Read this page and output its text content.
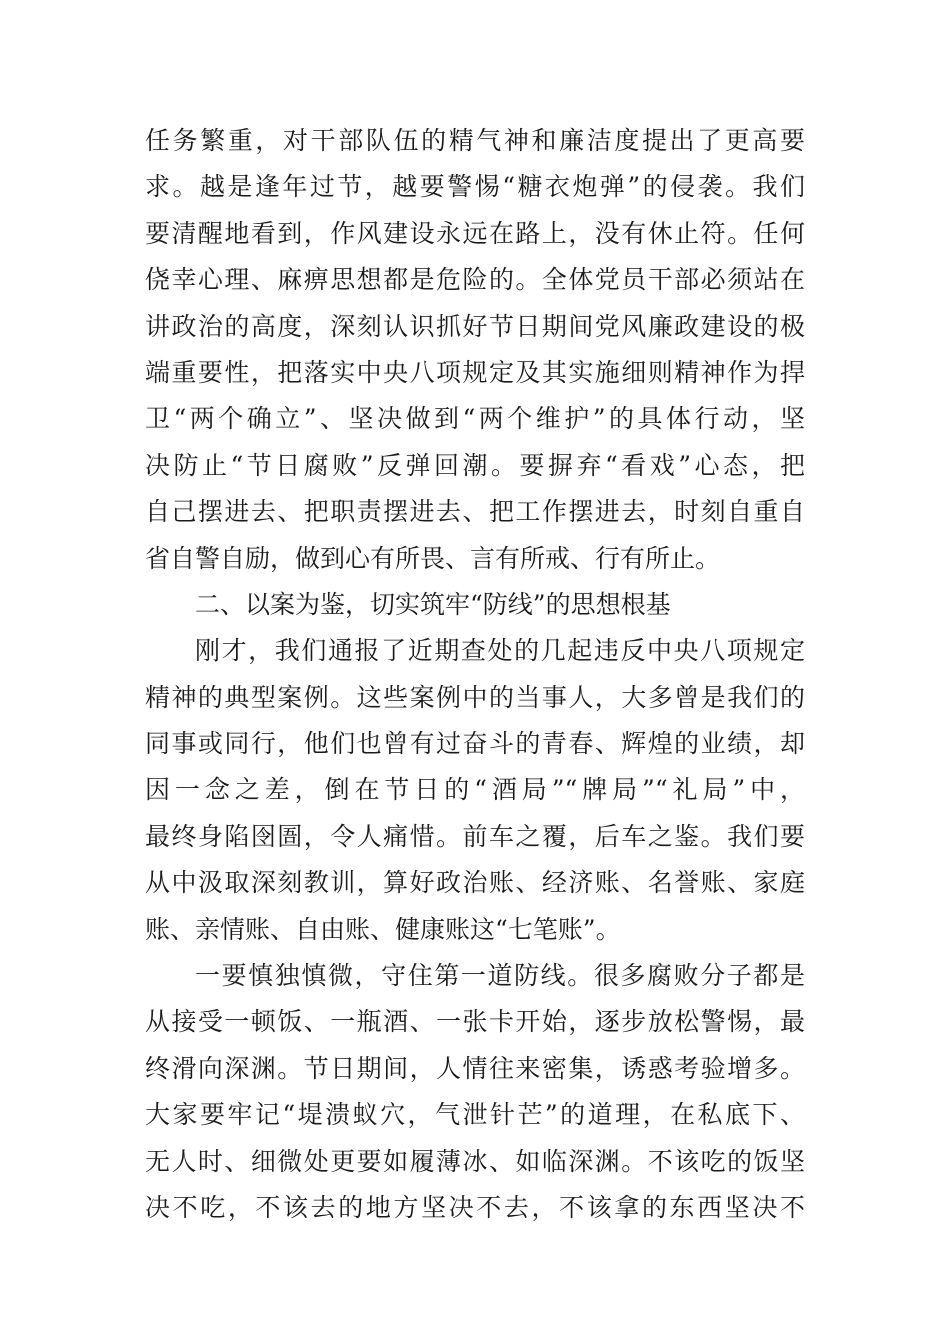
任务繁重，对干部队伍的精气神和廉洁度提出了更高要
求。越是逢年过节，越要警惕“糖衣炮弹”的侵袭。我们
要清醒地看到，作风建设永远在路上，没有休止符。任何
侥幸心理、麻痹思想都是危险的。全体党员干部必须站在
讲政治的高度，深刻认识抓好节日期间党风廉政建设的极
端重要性，把落实中央八项规定及其实施细则精神作为捍
卫“两个确立”、坚决做到“两个维护”的具体行动，坚
决防止“节日腐败”反弹回潮。要摒弃“看戏”心态，把
自己摆进去、把职责摆进去、把工作摆进去，时刻自重自
省自警自励，做到心有所畏、言有所戒、行有所止。
二、以案为鉴，切实筑牢“防线”的思想根基
刚才，我们通报了近期查处的几起违反中央八项规定
精神的典型案例。这些案例中的当事人，大多曾是我们的
同事或同行，他们也曾有过奋斗的青春、辉煌的业绩，却
因一念之差，倒在节日的“酒局”“牌局”“礼局”中，
最终身陷囹圄，令人痛惜。前车之覆，后车之鉴。我们要
从中汲取深刻教训，算好政治账、经济账、名誉账、家庭
账、亲情账、自由账、健康账这“七笔账”。
一要慎独慎微，守住第一道防线。很多腐败分子都是
从接受一顿饭、一瓶酒、一张卡开始，逐步放松警惕，最
终滑向深渊。节日期间，人情往来密集，诱惑考验增多。
大家要牢记“堤溃蚁穴，气泄针芒”的道理，在私底下、
无人时、细微处更要如履薄冰、如临深渊。不该吃的饭坚
决不吃，不该去的地方坚决不去，不该拿的东西坚决不
